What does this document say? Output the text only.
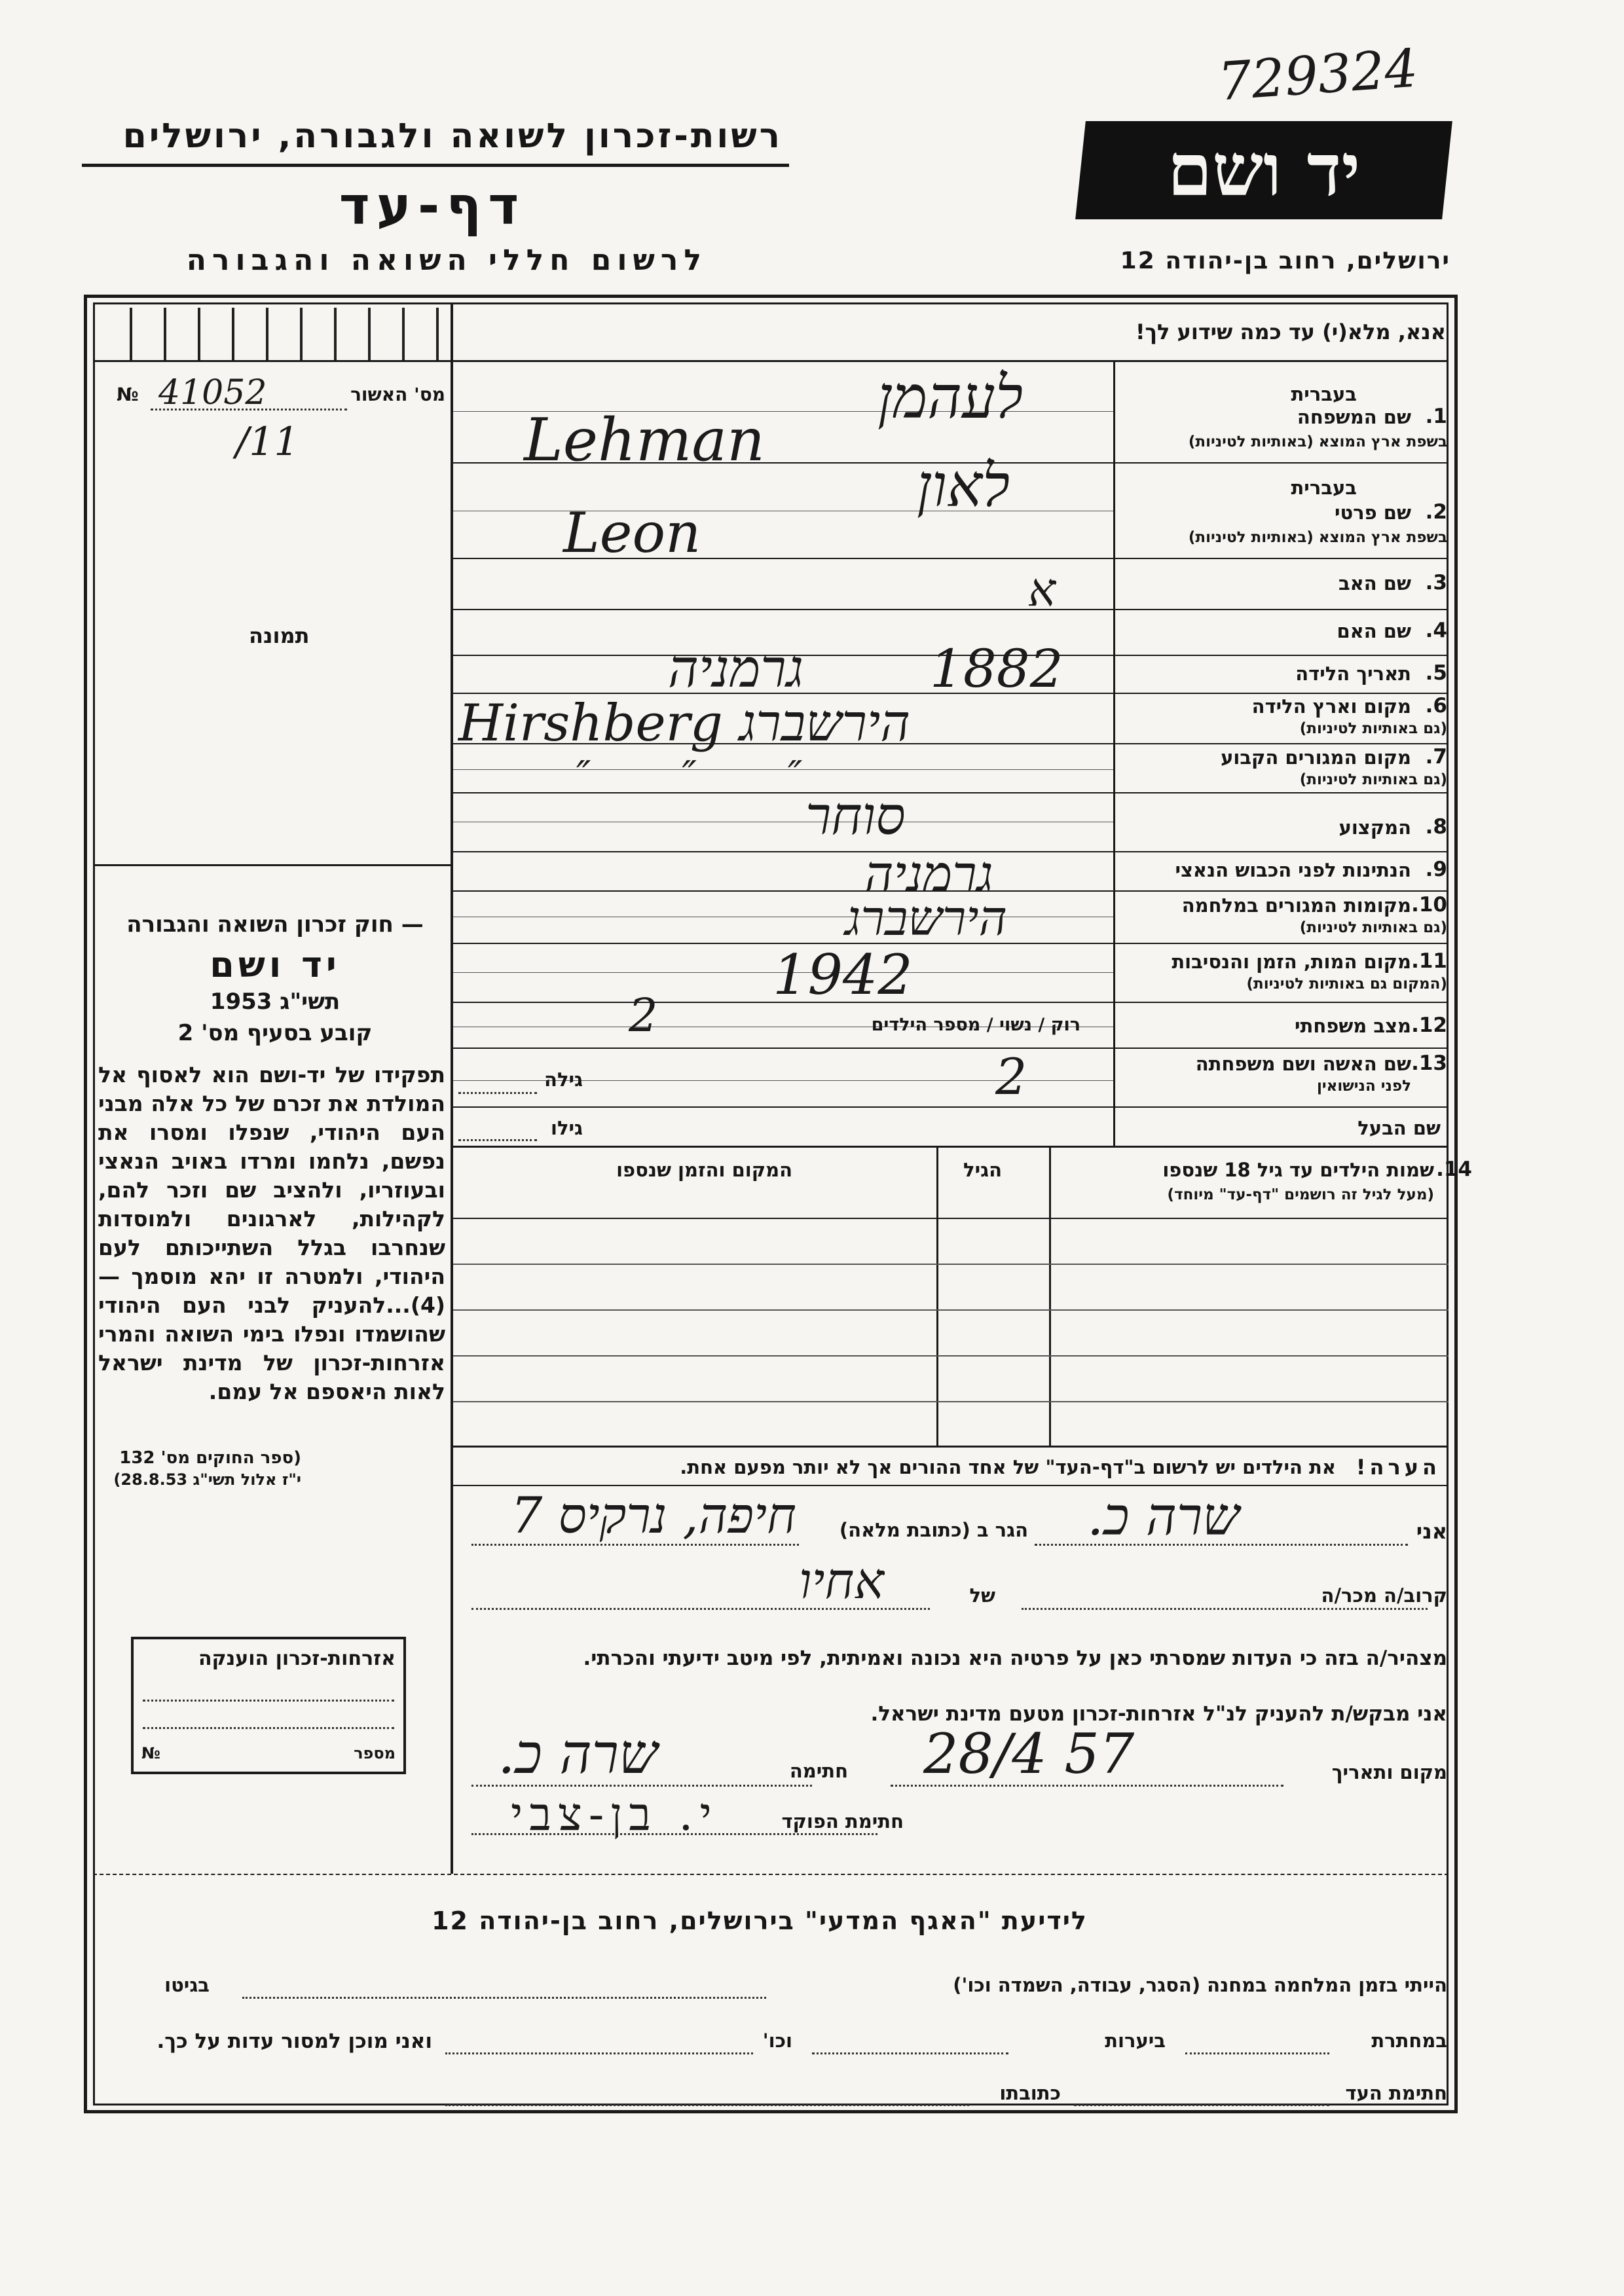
729324
רשות-זכרון לשואה ולגבורה, ירושלים
דף-עד
לרשום חללי השואה והגבורה
יד ושם
ירושלים, רחוב בן-יהודה 12
מס' האשור
№ 41052
/11
תמונה
— חוק זכרון השואה והגבורה
יד ושם
תשי"ג 1953
קובע בסעיף מס' 2
תפקידו של יד-ושם הוא לאסוף אל המולדת את זכרם של כל אלה מבני העם היהודי, שנפלו ומסרו את נפשם, נלחמו ומרדו באויב הנאצי ובעוזריו, ולהציב שם וזכר להם, לקהילות, לארגונים ולמוסדות שנחרבו בגלל השתייכותם לעם היהודי, ולמטרה זו יהא מוסמך — (4)...להעניק לבני העם היהודי שהושמדו ונפלו בימי השואה והמרי אזרחות-זכרון של מדינת ישראל לאות היאספם אל עמם.
(ספר החוקים מס' 132
י"ז אלול תשי"ג 28.8.53)
אזרחות-זכרון הוענקה
מספר
№
אנא, מלא(י) עד כמה שידוע לך!
בעברית
1.
שם המשפחה
בשפת ארץ המוצא (באותיות לטיניות)
לעהמן
Lehman
בעברית
2.
שם פרטי
בשפת ארץ המוצא (באותיות לטיניות)
לאון
Leon
3.
שם האב
ﬡ
4.
שם האם
5.
תאריך הלידה
1882
גרמניה
6.
מקום וארץ הלידה
(גם באותיות לטיניות)
הירשברג Hirshberg
7.
מקום המגורים הקבוע
(גם באותיות לטיניות)
″ ″ ″
8.
המקצוע
סוחר
9.
הנתינות לפני הכבוש הנאצי
גרמניה
10.
מקומות המגורים במלחמה
(גם באותיות לטיניות)
הירשברג
11.
מקום המות, הזמן והנסיבות
(המקום גם באותיות לטיניות)
1942
12.
מצב משפחתי
רוק / נשוי / מספר הילדים
2
13.
שם האשה ושם משפחתה
לפני הנישואין
גילה	2
שם הבעל
גילו
14.
שמות הילדים עד גיל 18 שנספו
(מעל לגיל זה רושמים "דף-עד" מיוחד)
הגיל
המקום והזמן שנספו
הערה!
את הילדים יש לרשום ב"דף-העד" של אחד ההורים אך לא יותר מפעם אחת.
אני
שרה כ.
הגר ב (כתובת מלאה)
חיפה, נרקיס 7
קרוב/ה מכר/ה
של
אחיו
מצהיר/ה בזה כי העדות שמסרתי כאן על פרטיה היא נכונה ואמיתית, לפי מיטב ידיעתי והכרתי.
אני מבקש/ת להעניק לנ"ל אזרחות-זכרון מטעם מדינת ישראל.
מקום ותאריך
28/4 57
חתימה
שרה כ.
חתימת הפוקד
י. בן-צבי
לידיעת "האגף המדעי" בירושלים, רחוב בן-יהודה 12
הייתי בזמן המלחמה במחנה (הסגר, עבודה, השמדה וכו')
בגיטו
במחתרת
ביערות
וכו'
ואני מוכן למסור עדות על כך.
חתימת העד
כתובתו
